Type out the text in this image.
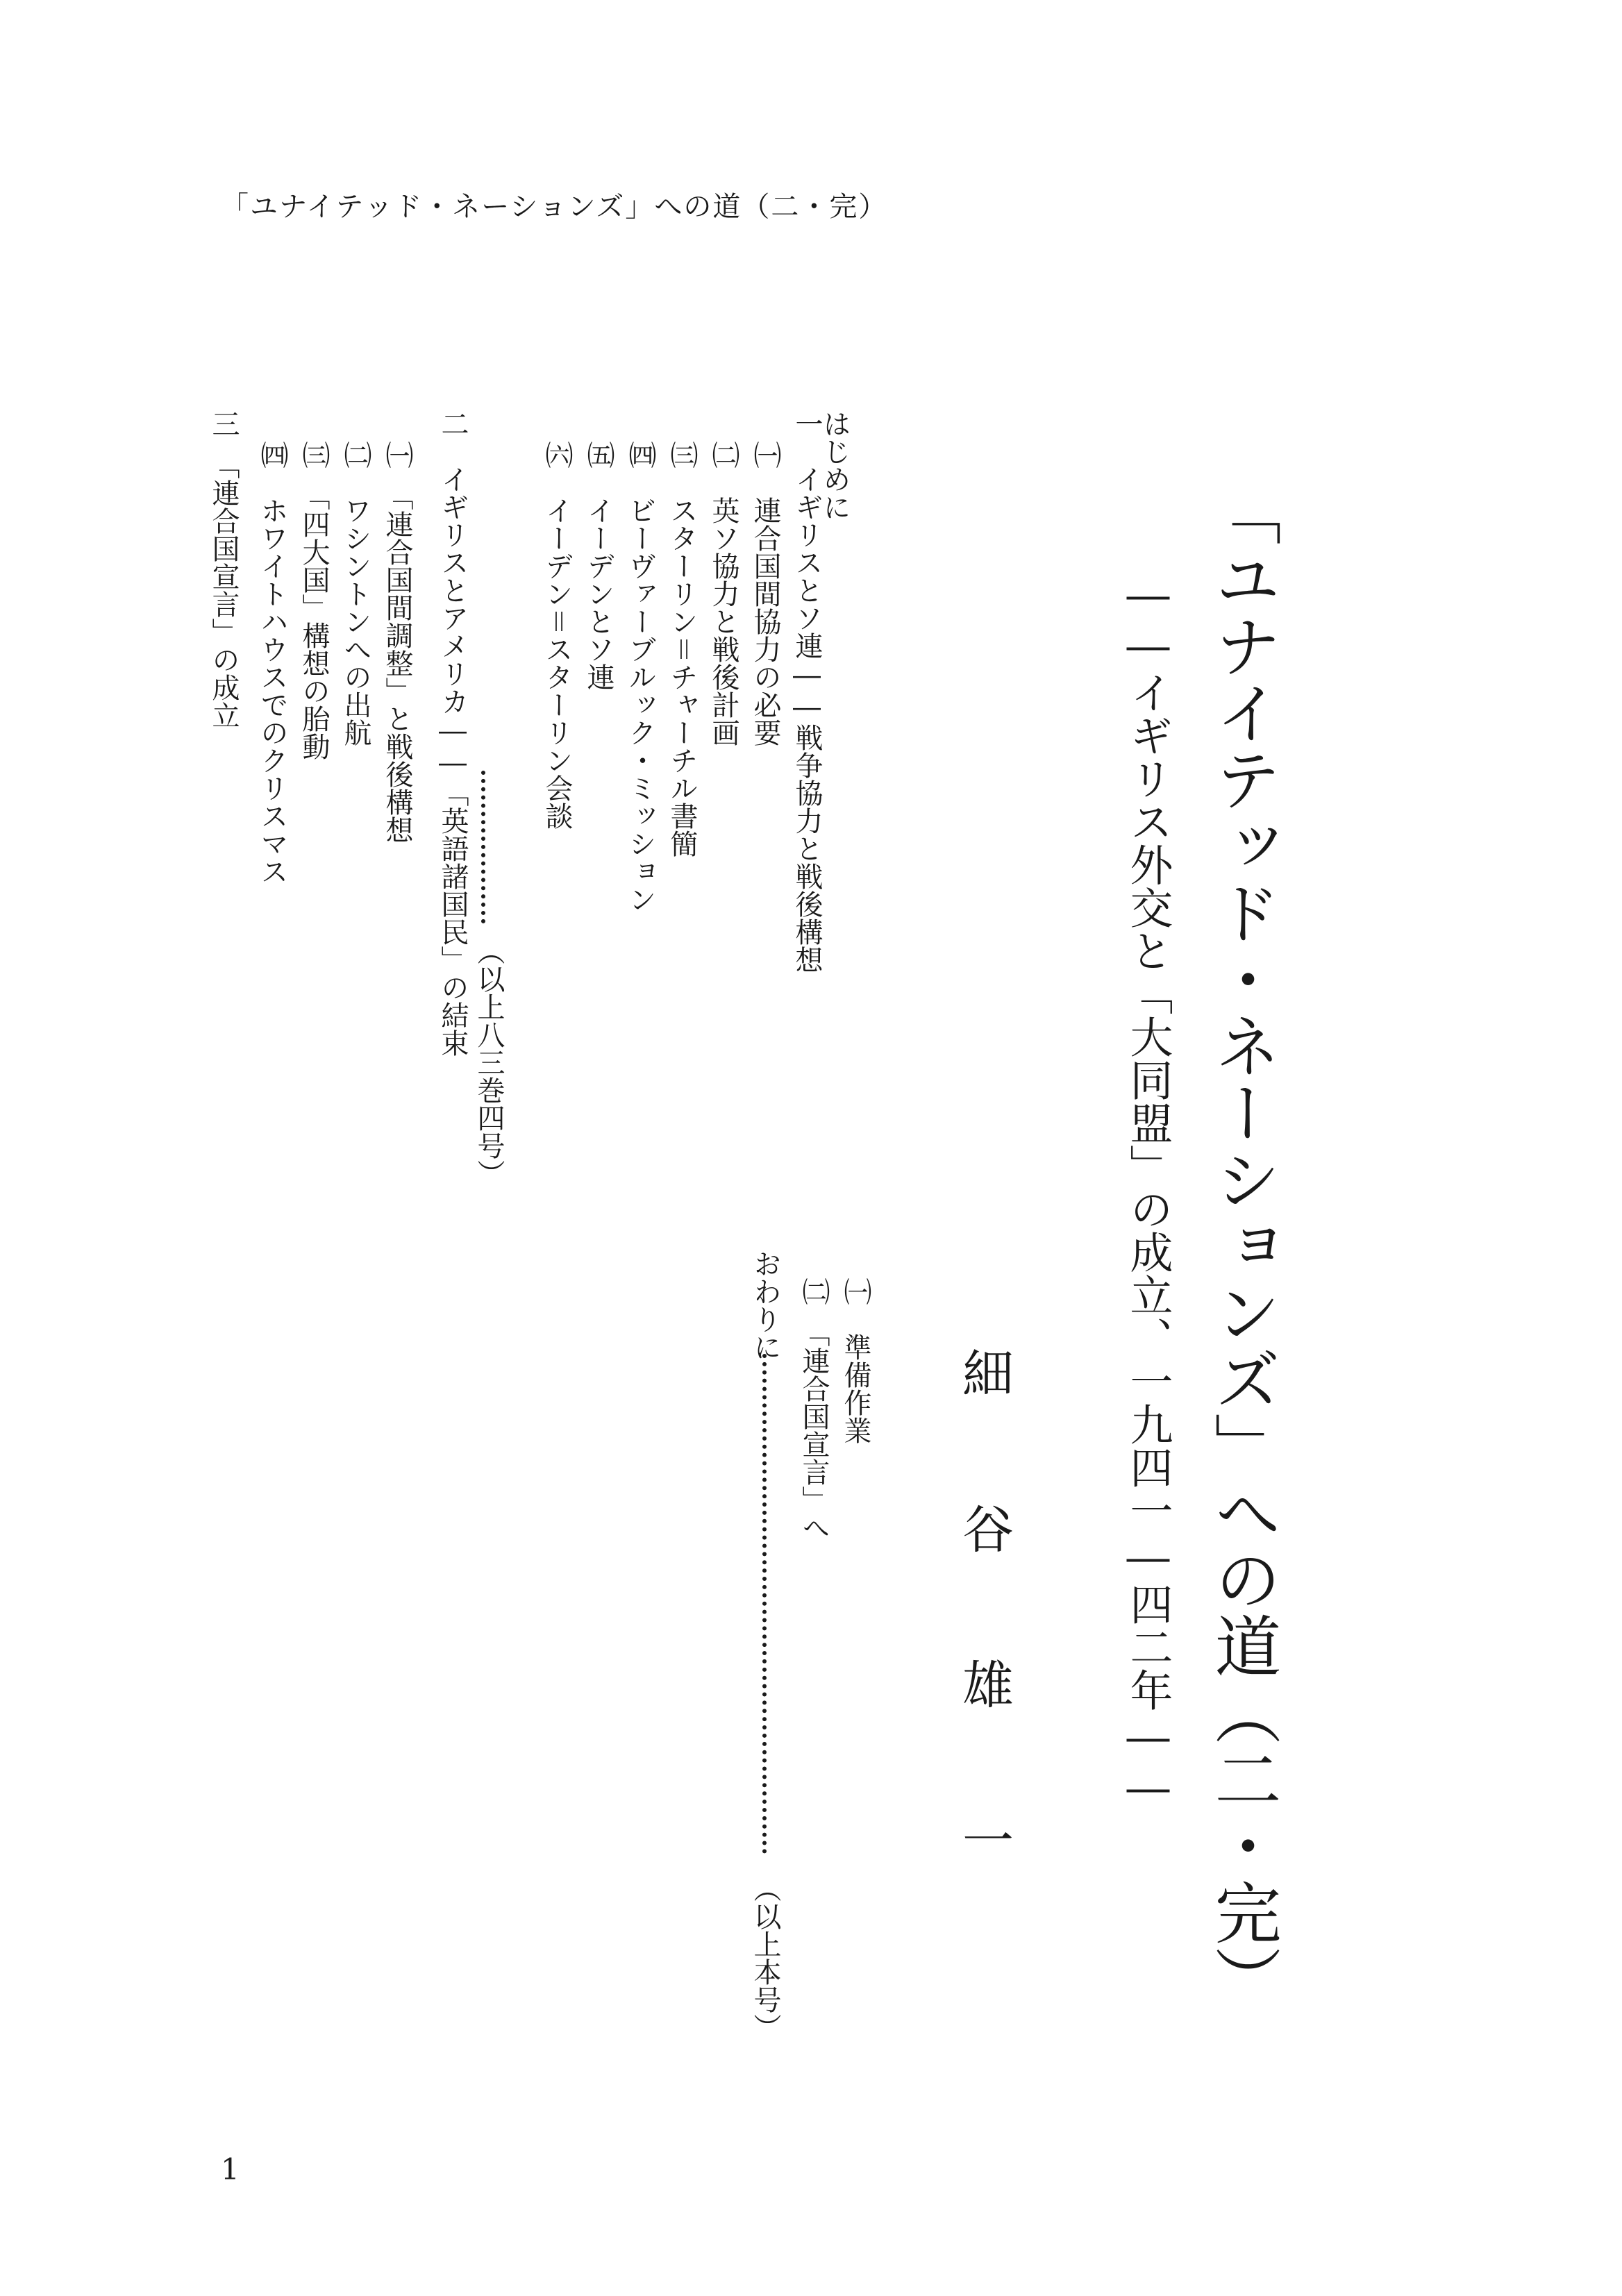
「ユナイテッド・ネーションズ」への道（二・完）
「ユナイテッド・ネーションズ」への道（二・完）
――イギリス外交と「大同盟」の成立、一九四一―四二年――
細谷雄一
はじめに
一　イギリスとソ連――戦争協力と戦後構想
㈠　連合国間協力の必要
㈡　英ソ協力と戦後計画
㈢　スターリン＝チャーチル書簡
㈣　ビーヴァーブルック・ミッション
㈤　イーデンとソ連
㈥　イーデン＝スターリン会談
（以上八三巻四号）
二　イギリスとアメリカ――「英語諸国民」の結束
㈠　「連合国間調整」と戦後構想
㈡　ワシントンへの出航
㈢　「四大国」構想の胎動
㈣　ホワイトハウスでのクリスマス
三　「連合国宣言」の成立
㈠　準備作業
㈡　「連合国宣言」へ
おわりに
（以上本号）
1
